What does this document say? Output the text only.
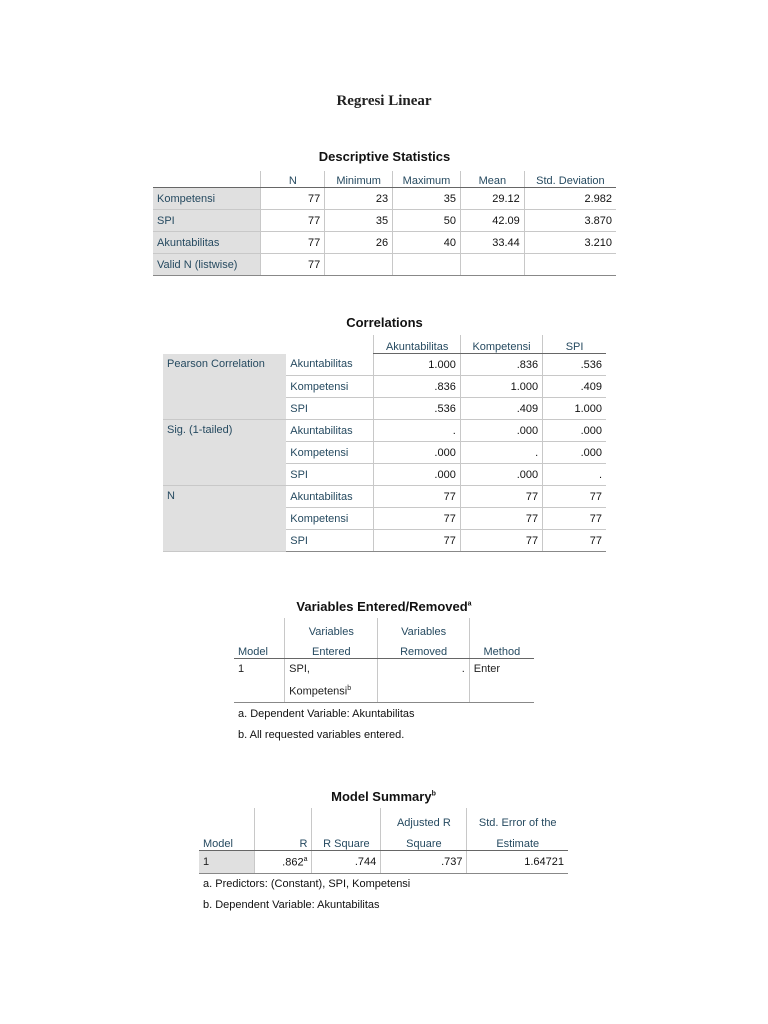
Regresi Linear
Descriptive Statistics
	N	Minimum	Maximum	Mean	Std. Deviation
Kompetensi	77	23	35	29.12	2.982
SPI	77	35	50	42.09	3.870
Akuntabilitas	77	26	40	33.44	3.210
Valid N (listwise)	77				
Correlations
		Akuntabilitas	Kompetensi	SPI
Pearson Correlation	Akuntabilitas	1.000	.836	.536
	Kompetensi	.836	1.000	.409
	SPI	.536	.409	1.000
Sig. (1-tailed)	Akuntabilitas	.	.000	.000
	Kompetensi	.000	.	.000
	SPI	.000	.000	.
N	Akuntabilitas	77	77	77
	Kompetensi	77	77	77
	SPI	77	77	77
Variables Entered/Removed$^a$
	Variables	Variables	
Model	Entered	Removed	Method
1	SPI,
Kompetensi$^b$	.	Enter
a. Dependent Variable: Akuntabilitas
b. All requested variables entered.
Model Summary$^b$
			Adjusted R	Std. Error of the
Model	R	R Square	Square	Estimate
1	.862$^a$	.744	.737	1.64721
a. Predictors: (Constant), SPI, Kompetensi
b. Dependent Variable: Akuntabilitas
